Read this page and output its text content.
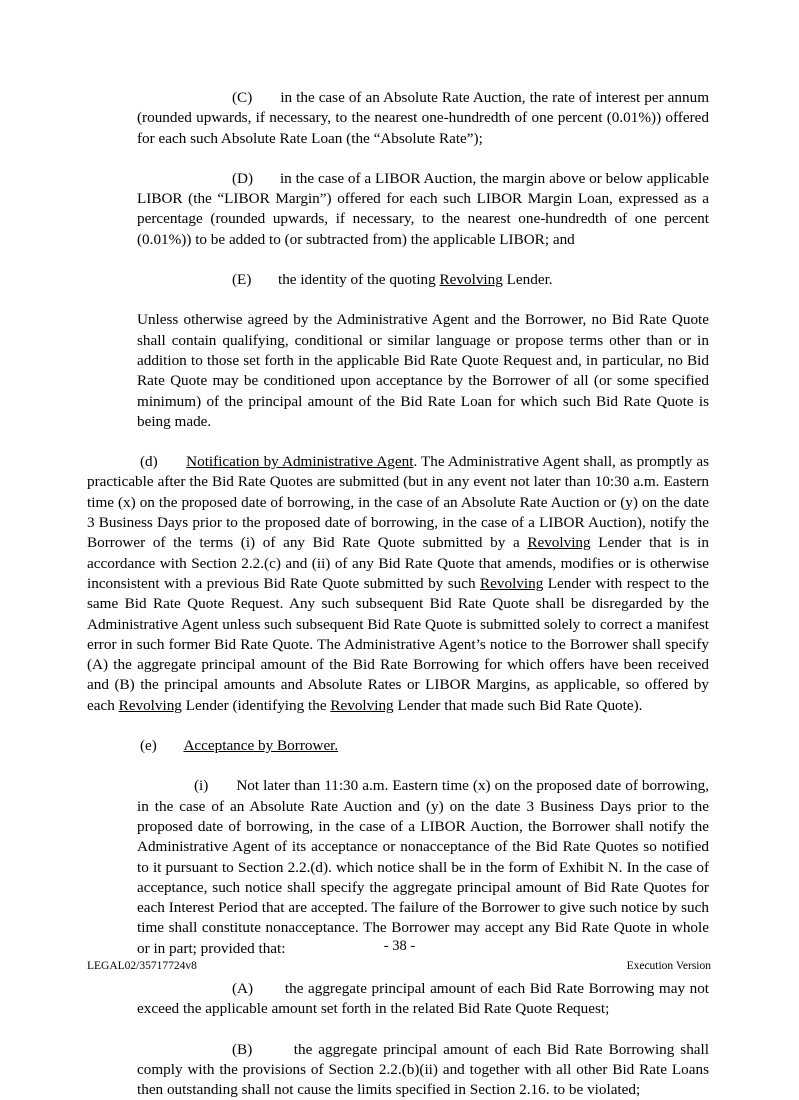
(C) in the case of an Absolute Rate Auction, the rate of interest per annum (rounded upwards, if necessary, to the nearest one-hundredth of one percent (0.01%)) offered for each such Absolute Rate Loan (the “Absolute Rate”);

(D) in the case of a LIBOR Auction, the margin above or below applicable LIBOR (the “LIBOR Margin”) offered for each such LIBOR Margin Loan, expressed as a percentage (rounded upwards, if necessary, to the nearest one-hundredth of one percent (0.01%)) to be added to (or subtracted from) the applicable LIBOR; and

(E) the identity of the quoting Revolving Lender.

Unless otherwise agreed by the Administrative Agent and the Borrower, no Bid Rate Quote shall contain qualifying, conditional or similar language or propose terms other than or in addition to those set forth in the applicable Bid Rate Quote Request and, in particular, no Bid Rate Quote may be conditioned upon acceptance by the Borrower of all (or some specified minimum) of the principal amount of the Bid Rate Loan for which such Bid Rate Quote is being made.

(d) Notification by Administrative Agent. The Administrative Agent shall, as promptly as practicable after the Bid Rate Quotes are submitted (but in any event not later than 10:30 a.m. Eastern time (x) on the proposed date of borrowing, in the case of an Absolute Rate Auction or (y) on the date 3 Business Days prior to the proposed date of borrowing, in the case of a LIBOR Auction), notify the Borrower of the terms (i) of any Bid Rate Quote submitted by a Revolving Lender that is in accordance with Section 2.2.(c) and (ii) of any Bid Rate Quote that amends, modifies or is otherwise inconsistent with a previous Bid Rate Quote submitted by such Revolving Lender with respect to the same Bid Rate Quote Request. Any such subsequent Bid Rate Quote shall be disregarded by the Administrative Agent unless such subsequent Bid Rate Quote is submitted solely to correct a manifest error in such former Bid Rate Quote. The Administrative Agent’s notice to the Borrower shall specify (A) the aggregate principal amount of the Bid Rate Borrowing for which offers have been received and (B) the principal amounts and Absolute Rates or LIBOR Margins, as applicable, so offered by each Revolving Lender (identifying the Revolving Lender that made such Bid Rate Quote).

(e) Acceptance by Borrower.

(i) Not later than 11:30 a.m. Eastern time (x) on the proposed date of borrowing, in the case of an Absolute Rate Auction and (y) on the date 3 Business Days prior to the proposed date of borrowing, in the case of a LIBOR Auction, the Borrower shall notify the Administrative Agent of its acceptance or nonacceptance of the Bid Rate Quotes so notified to it pursuant to Section 2.2.(d). which notice shall be in the form of Exhibit N. In the case of acceptance, such notice shall specify the aggregate principal amount of Bid Rate Quotes for each Interest Period that are accepted. The failure of the Borrower to give such notice by such time shall constitute nonacceptance. The Borrower may accept any Bid Rate Quote in whole or in part; provided that:

(A) the aggregate principal amount of each Bid Rate Borrowing may not exceed the applicable amount set forth in the related Bid Rate Quote Request;

(B)	the aggregate principal amount of each Bid Rate Borrowing shall comply with the provisions of Section 2.2.(b)(ii) and together with all other Bid Rate Loans then outstanding shall not cause the limits specified in Section 2.16. to be violated;

- 38 -
LEGAL02/35717724v8	Execution Version
